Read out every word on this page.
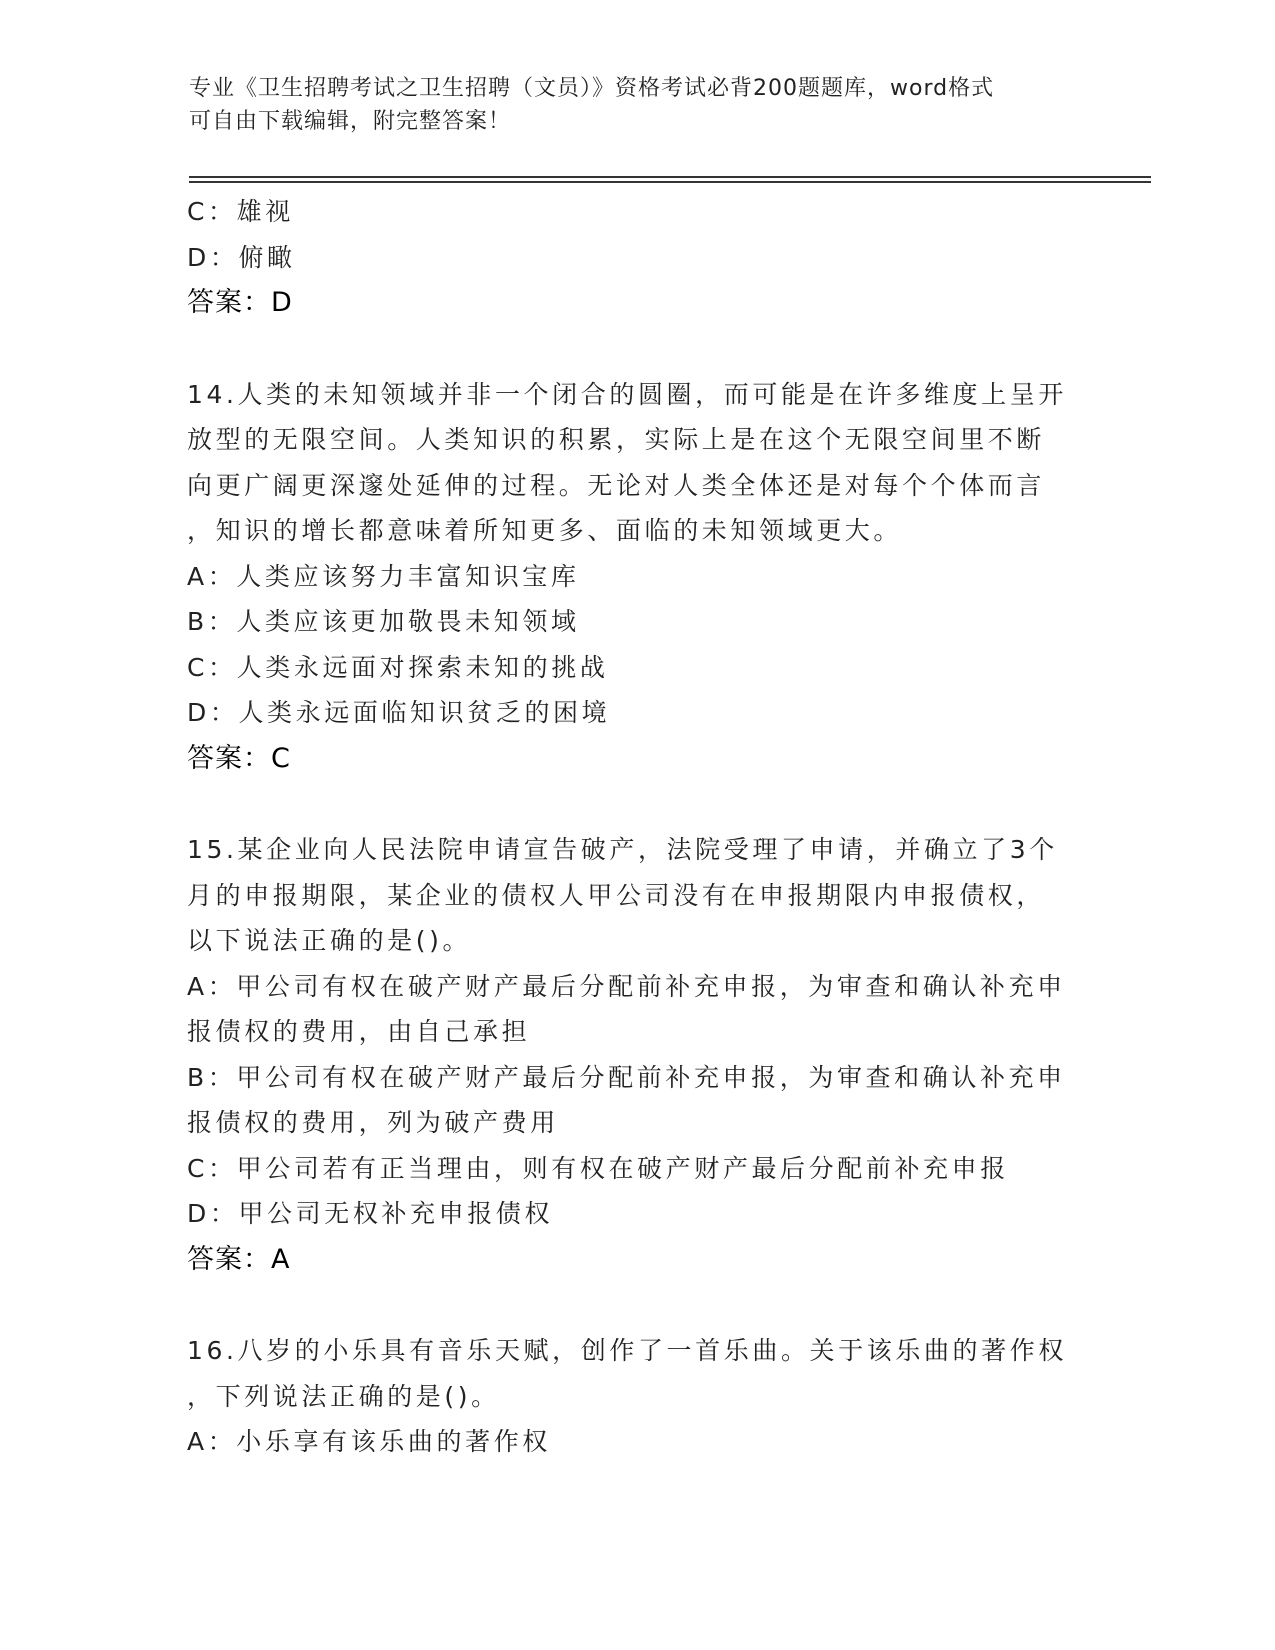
专业《卫生招聘考试之卫生招聘（文员）》资格考试必背200题题库，word格式
可自由下载编辑，附完整答案！
C：雄视
D：俯瞰
答案：D
14.人类的未知领域并非一个闭合的圆圈，而可能是在许多维度上呈开
放型的无限空间。人类知识的积累，实际上是在这个无限空间里不断
向更广阔更深邃处延伸的过程。无论对人类全体还是对每个个体而言
，知识的增长都意味着所知更多、面临的未知领域更大。
A：人类应该努力丰富知识宝库
B：人类应该更加敬畏未知领域
C：人类永远面对探索未知的挑战
D：人类永远面临知识贫乏的困境
答案：C
15.某企业向人民法院申请宣告破产，法院受理了申请，并确立了3个
月的申报期限，某企业的债权人甲公司没有在申报期限内申报债权，
以下说法正确的是()。
A：甲公司有权在破产财产最后分配前补充申报，为审查和确认补充申
报债权的费用，由自己承担
B：甲公司有权在破产财产最后分配前补充申报，为审查和确认补充申
报债权的费用，列为破产费用
C：甲公司若有正当理由，则有权在破产财产最后分配前补充申报
D：甲公司无权补充申报债权
答案：A
16.八岁的小乐具有音乐天赋，创作了一首乐曲。关于该乐曲的著作权
，下列说法正确的是()。
A：小乐享有该乐曲的著作权
